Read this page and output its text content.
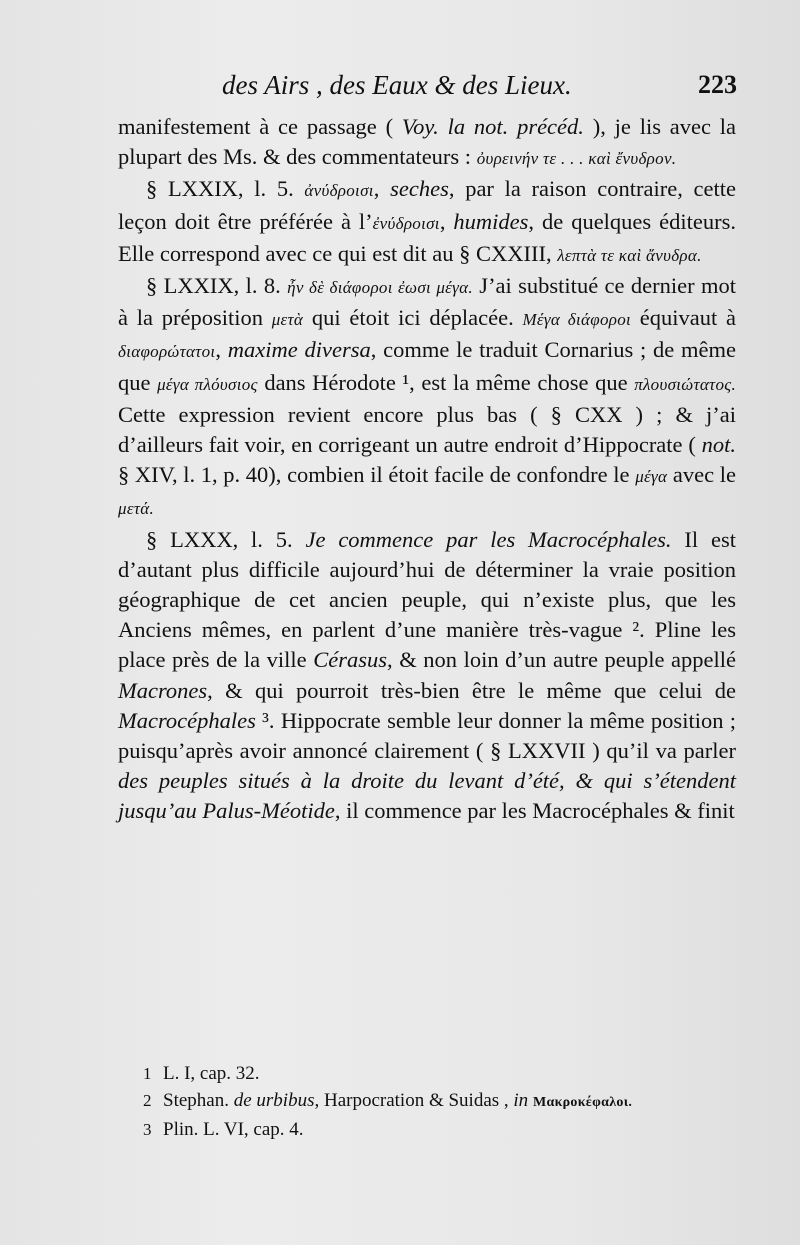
des Airs , des Eaux & des Lieux.	223

manifestement à ce passage ( Voy. la not. précéd. ), je lis avec la plupart des Ms. & des commentateurs : ὀυρεινήν τε . . . καὶ ἔνυδρον.

§ LXXIX, l. 5. ἀνύδροισι, seches, par la raison contraire, cette leçon doit être préférée à l’ἐνύδροισι, humides, de quelques éditeurs. Elle correspond avec ce qui est dit au § CXXIII, λεπτὰ τε καὶ ἄνυδρα.

§ LXXIX, l. 8. ἦν δὲ διάφοροι ἐωσι μέγα. J’ai substitué ce dernier mot à la préposition μετὰ qui étoit ici déplacée. Μέγα διάφοροι équivaut à διαφορώτατοι, maxime diversa, comme le traduit Cornarius ; de même que μέγα πλόυσιος dans Hérodote ¹, est la même chose que πλουσιώτατος. Cette expression revient encore plus bas ( § CXX ) ; & j’ai d’ailleurs fait voir, en corrigeant un autre endroit d’Hippocrate ( not. § XIV, l. 1, p. 40), combien il étoit facile de confondre le μέγα avec le μετά.

§ LXXX, l. 5. Je commence par les Macrocéphales. Il est d’autant plus difficile aujourd’hui de déterminer la vraie position géographique de cet ancien peuple, qui n’existe plus, que les Anciens mêmes, en parlent d’une manière très-vague ². Pline les place près de la ville Cérasus, & non loin d’un autre peuple appellé Macrones, & qui pourroit très-bien être le même que celui de Macrocéphales ³. Hippocrate semble leur donner la même position ; puisqu’après avoir annoncé clairement ( § LXXVII ) qu’il va parler des peuples situés à la droite du levant d’été, & qui s’étendent jusqu’au Palus-Méotide, il commence par les Macrocéphales & finit

1 L. I, cap. 32.
2 Stephan. de urbibus, Harpocration & Suidas , in Μακροκέφαλοι.
3 Plin. L. VI, cap. 4.
